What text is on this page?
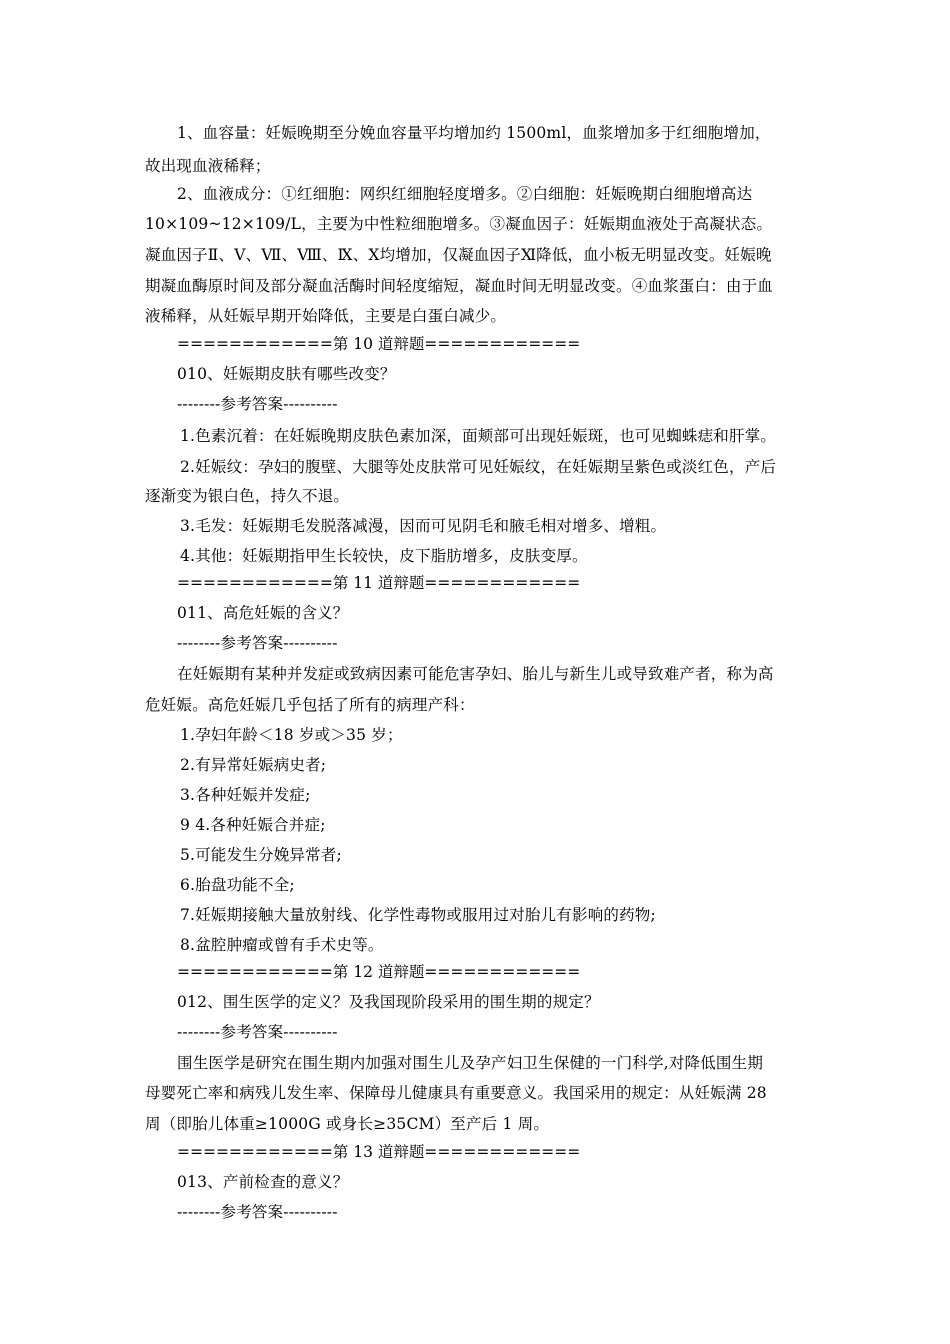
1、血容量：妊娠晚期至分娩血容量平均增加约 1500ml，血浆增加多于红细胞增加，
故出现血液稀释；
2、血液成分：①红细胞：网织红细胞轻度增多。②白细胞：妊娠晚期白细胞增高达
10×109~12×109/L，主要为中性粒细胞增多。③凝血因子：妊娠期血液处于高凝状态。
凝血因子Ⅱ、Ⅴ、Ⅶ、Ⅷ、Ⅸ、Ⅹ均增加，仅凝血因子Ⅺ降低，血小板无明显改变。妊娠晚
期凝血酶原时间及部分凝血活酶时间轻度缩短，凝血时间无明显改变。④血浆蛋白：由于血
液稀释，从妊娠早期开始降低，主要是白蛋白减少。
============第 10 道辩题============
010、妊娠期皮肤有哪些改变？
--------参考答案----------
1.色素沉着：在妊娠晚期皮肤色素加深，面颊部可出现妊娠斑，也可见蜘蛛痣和肝掌。
2.妊娠纹：孕妇的腹壁、大腿等处皮肤常可见妊娠纹，在妊娠期呈紫色或淡红色，产后
逐渐变为银白色，持久不退。
3.毛发：妊娠期毛发脱落减漫，因而可见阴毛和腋毛相对增多、增粗。
4.其他：妊娠期指甲生长较快，皮下脂肪增多，皮肤变厚。
============第 11 道辩题============
011、高危妊娠的含义？
--------参考答案----------
在妊娠期有某种并发症或致病因素可能危害孕妇、胎儿与新生儿或导致难产者，称为高
危妊娠。高危妊娠几乎包括了所有的病理产科：
1.孕妇年龄＜18 岁或＞35 岁；
2.有异常妊娠病史者;
3.各种妊娠并发症;
9 4.各种妊娠合并症;
5.可能发生分娩异常者;
6.胎盘功能不全;
7.妊娠期接触大量放射线、化学性毒物或服用过对胎儿有影响的药物;
8.盆腔肿瘤或曾有手术史等。
============第 12 道辩题============
012、围生医学的定义？及我国现阶段采用的围生期的规定？
--------参考答案----------
围生医学是研究在围生期内加强对围生儿及孕产妇卫生保健的一门科学,对降低围生期
母婴死亡率和病残儿发生率、保障母儿健康具有重要意义。我国采用的规定：从妊娠满 28
周（即胎儿体重≥1000G 或身长≥35CM）至产后 1 周。
============第 13 道辩题============
013、产前检查的意义？
--------参考答案----------
